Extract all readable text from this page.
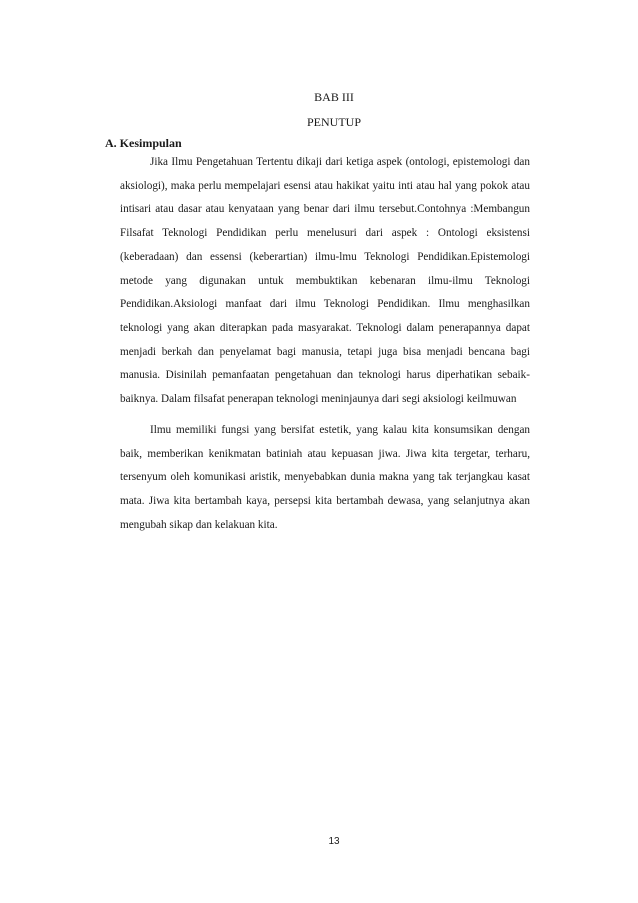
BAB III
PENUTUP
A. Kesimpulan

Jika Ilmu Pengetahuan Tertentu dikaji dari ketiga aspek (ontologi, epistemologi dan aksiologi), maka perlu mempelajari esensi atau hakikat yaitu inti atau hal yang pokok atau intisari atau dasar atau kenyataan yang benar dari ilmu tersebut.Contohnya :Membangun Filsafat Teknologi Pendidikan perlu menelusuri dari aspek : Ontologi eksistensi (keberadaan) dan essensi (keberartian) ilmu-lmu Teknologi Pendidikan.Epistemologi metode yang digunakan untuk membuktikan kebenaran ilmu-ilmu Teknologi Pendidikan.Aksiologi manfaat dari ilmu Teknologi Pendidikan. Ilmu menghasilkan teknologi yang akan diterapkan pada masyarakat. Teknologi dalam penerapannya dapat menjadi berkah dan penyelamat bagi manusia, tetapi juga bisa menjadi bencana bagi manusia. Disinilah pemanfaatan pengetahuan dan teknologi harus diperhatikan sebaik-baiknya. Dalam filsafat penerapan teknologi meninjaunya dari segi aksiologi keilmuwan

Ilmu memiliki fungsi yang bersifat estetik, yang kalau kita konsumsikan dengan baik, memberikan kenikmatan batiniah atau kepuasan jiwa. Jiwa kita tergetar, terharu, tersenyum oleh komunikasi aristik, menyebabkan dunia makna yang tak terjangkau kasat mata. Jiwa kita bertambah kaya, persepsi kita bertambah dewasa, yang selanjutnya akan mengubah sikap dan kelakuan kita.

13
